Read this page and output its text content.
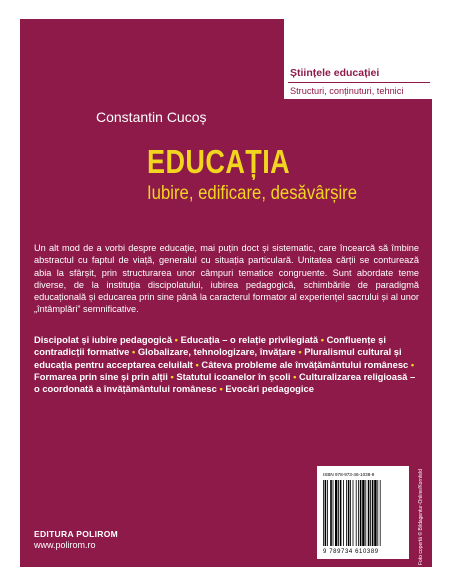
Științele educației
Structuri, conținuturi, tehnici
Constantin Cucoș
EDUCAȚIA
Iubire, edificare, desăvârșire
Un alt mod de a vorbi despre educație, mai puțin doct și sistematic, care încearcă să îmbine abstractul cu faptul de viață, generalul cu situația particulară. Unitatea cărții se conturează abia la sfârșit, prin structurarea unor câmpuri tematice congruente. Sunt abordate teme diverse, de la instituția discipolatului, iubirea pedagogică, schimbările de paradigmă educațională și educarea prin sine până la caracterul formator al experiențel sacrului și al unor „întâmplări” semnificative.
Discipolat și iubire pedagogică • Educația – o relație privilegiată • Confluențe și contradicții formative • Globalizare, tehnologizare, învățare • Pluralismul cultural și educația pentru acceptarea celuilalt • Câteva probleme ale învățământului românesc • Formarea prin sine și prin alții • Statutul icoanelor în școli • Culturalizarea religioasă – o coordonată a învățământului românesc • Evocări pedagogice
EDITURA POLIROM
www.polirom.ro
ISBN 978-973-46-1038-9
9 789734 610389	Foto copertă © Bildagentur-Online/Kornfeld
